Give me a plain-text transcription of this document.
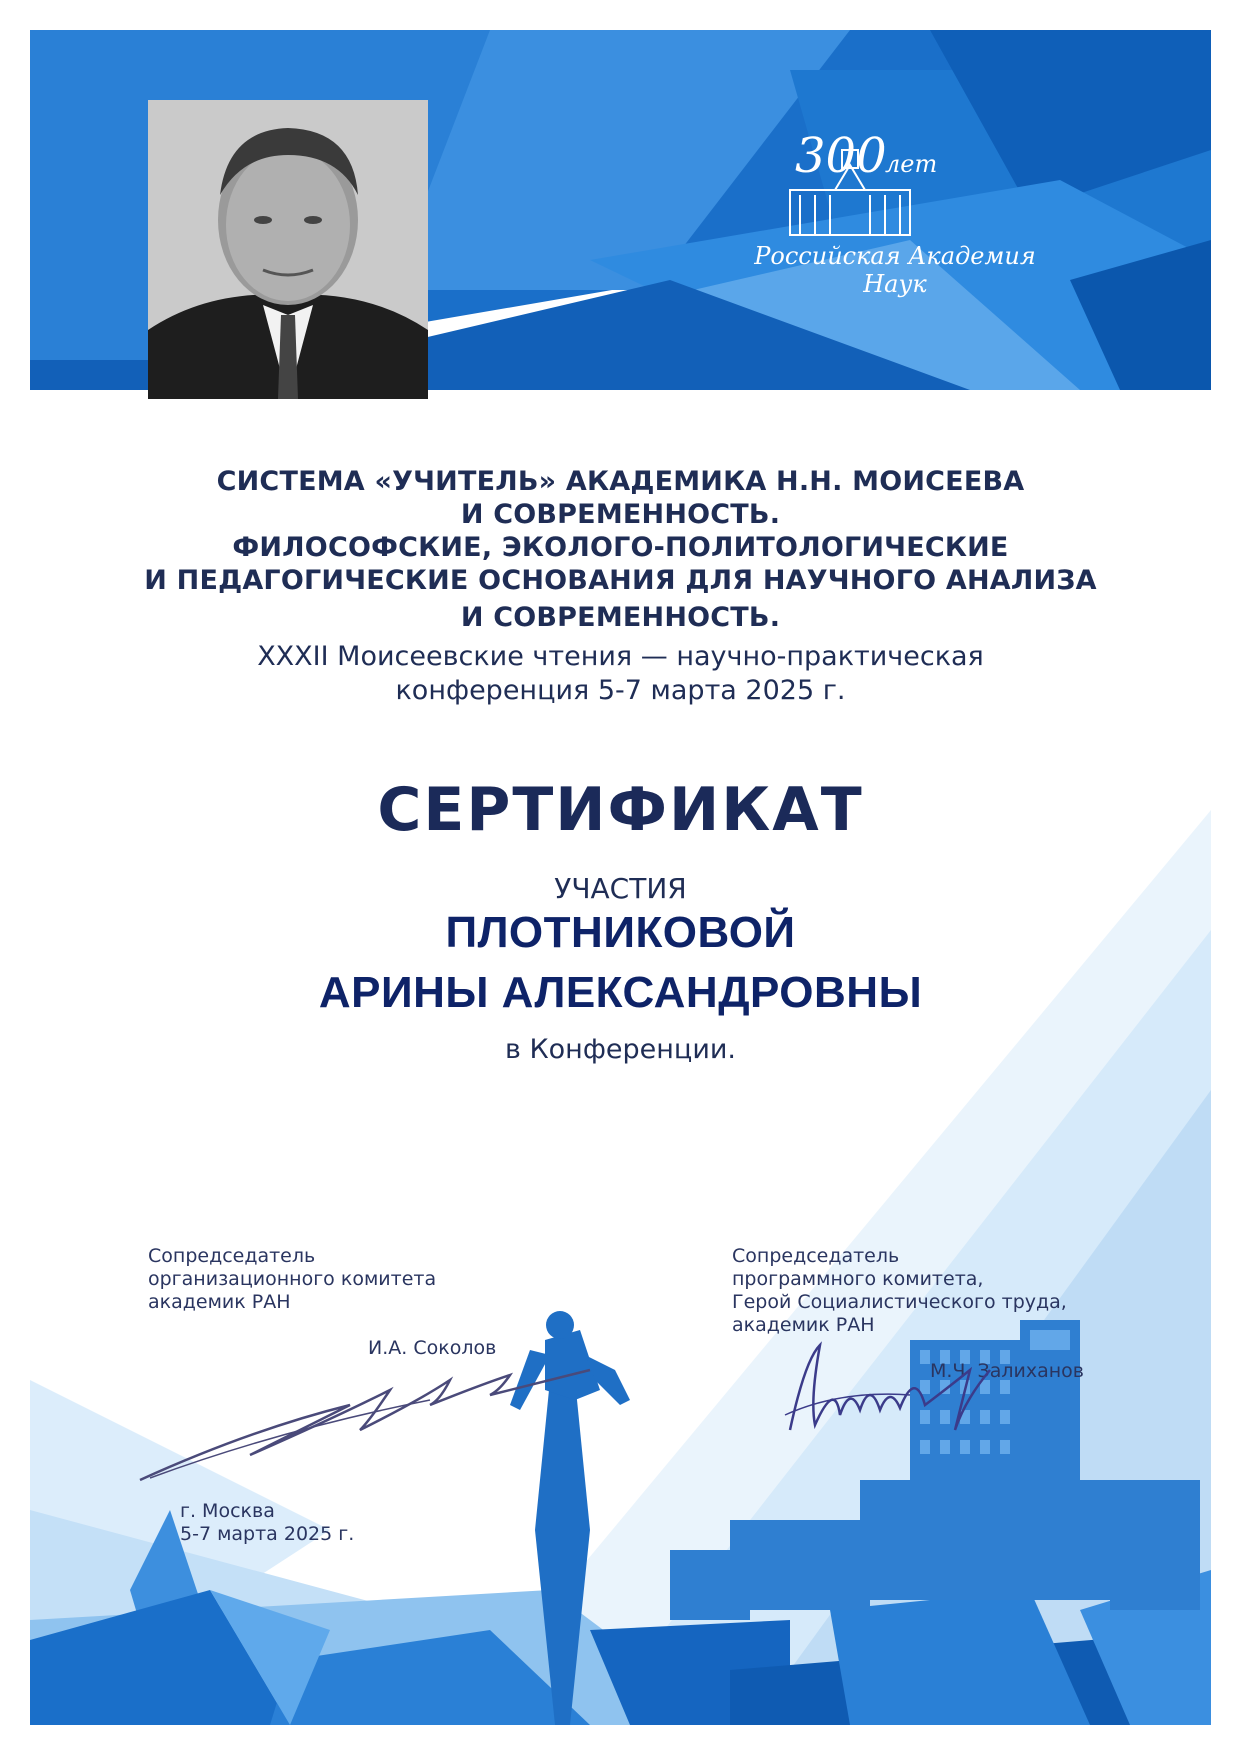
300
лет
Российская Академия Наук
СИСТЕМА «УЧИТЕЛЬ» АКАДЕМИКА Н.Н. МОИСЕЕВА
И СОВРЕМЕННОСТЬ.
ФИЛОСОФСКИЕ, ЭКОЛОГО-ПОЛИТОЛОГИЧЕСКИЕ
И ПЕДАГОГИЧЕСКИЕ ОСНОВАНИЯ ДЛЯ НАУЧНОГО АНАЛИЗА
И СОВРЕМЕННОСТЬ.
XXXII Моисеевские чтения — научно-практическая
конференция 5-7 марта 2025 г.
СЕРТИФИКАТ
УЧАСТИЯ
ПЛОТНИКОВОЙ
АРИНЫ АЛЕКСАНДРОВНЫ
в Конференции.
Сопредседатель
организационного комитета
академик РАН
И.А. Соколов
Сопредседатель
программного комитета,
Герой Социалистического труда,
академик РАН
М.Ч. Залиханов
г. Москва
5-7 марта 2025 г.
